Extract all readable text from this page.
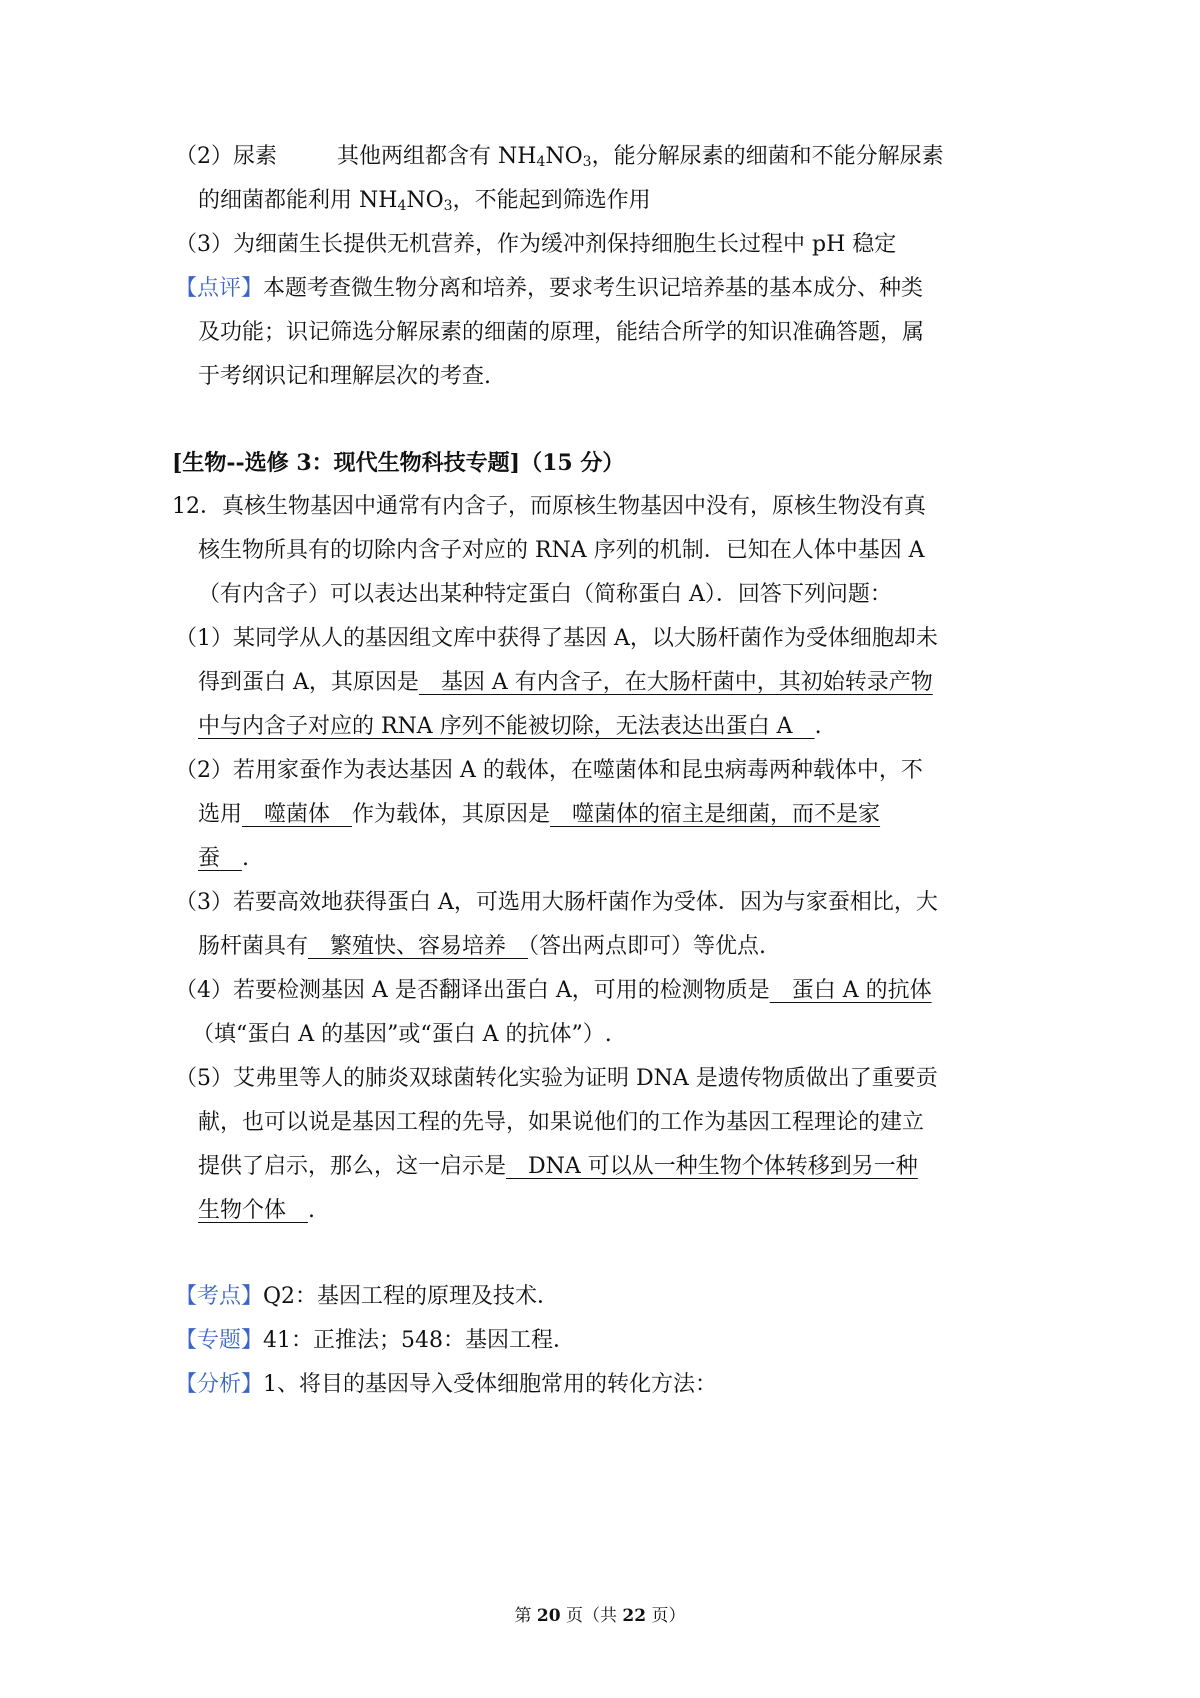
（2）尿素	其他两组都含有 $NH_4NO_3$，能分解尿素的细菌和不能分解尿素
的细菌都能利用 $NH_4NO_3$，不能起到筛选作用
（3）为细菌生长提供无机营养，作为缓冲剂保持细胞生长过程中 pH 稳定
【点评】本题考查微生物分离和培养，要求考生识记培养基的基本成分、种类
及功能；识记筛选分解尿素的细菌的原理，能结合所学的知识准确答题，属
于考纲识记和理解层次的考查.
[生物--选修 3：现代生物科技专题]（15 分）
12．真核生物基因中通常有内含子，而原核生物基因中没有，原核生物没有真
核生物所具有的切除内含子对应的 RNA 序列的机制．已知在人体中基因 A
（有内含子）可以表达出某种特定蛋白（简称蛋白 A）．回答下列问题：
（1）某同学从人的基因组文库中获得了基因 A，以大肠杆菌作为受体细胞却未
得到蛋白 A，其原因是　基因 A 有内含子，在大肠杆菌中，其初始转录产物
中与内含子对应的 RNA 序列不能被切除，无法表达出蛋白 A　.
（2）若用家蚕作为表达基因 A 的载体，在噬菌体和昆虫病毒两种载体中，不
选用　噬菌体　作为载体，其原因是　噬菌体的宿主是细菌，而不是家
蚕　.
（3）若要高效地获得蛋白 A，可选用大肠杆菌作为受体．因为与家蚕相比，大
肠杆菌具有　繁殖快、容易培养　（答出两点即可）等优点.
（4）若要检测基因 A 是否翻译出蛋白 A，可用的检测物质是　蛋白 A 的抗体
（填“蛋白 A 的基因”或“蛋白 A 的抗体”）.
（5）艾弗里等人的肺炎双球菌转化实验为证明 DNA 是遗传物质做出了重要贡
献，也可以说是基因工程的先导，如果说他们的工作为基因工程理论的建立
提供了启示，那么，这一启示是　DNA 可以从一种生物个体转移到另一种
生物个体　.
【考点】Q2：基因工程的原理及技术．
【专题】41：正推法；548：基因工程．
【分析】1、将目的基因导入受体细胞常用的转化方法：
第 20 页（共 22 页）
